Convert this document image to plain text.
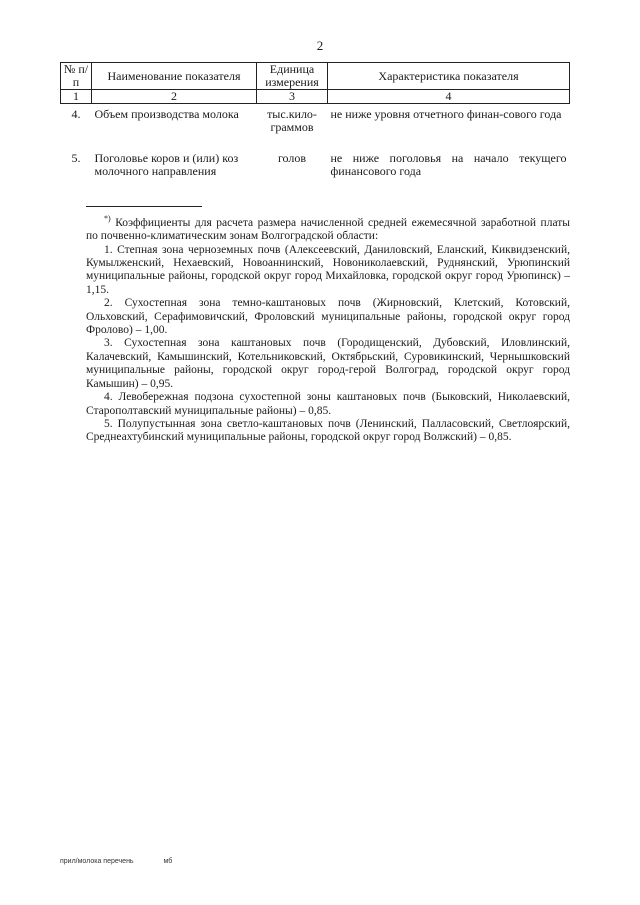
2
№ п/п	Наименование показателя	Единица измерения	Характеристика показателя
1	2	3	4
4.	Объем производства молока	тыс.кило-граммов	не ниже уровня отчетного финан-сового года
5.	Поголовье коров и (или) коз молочного направления	голов	не ниже поголовья на начало текущего финансового года

*) Коэффициенты для расчета размера начисленной средней ежемесячной заработной платы по почвенно-климатическим зонам Волгоградской области:

1. Степная зона черноземных почв (Алексеевский, Даниловский, Еланский, Киквидзенский, Кумылженский, Нехаевский, Новоаннинский, Новониколаевский, Руднянский, Урюпинский муниципальные районы, городской округ город Михайловка, городской округ город Урюпинск) – 1,15.

2. Сухостепная зона темно-каштановых почв (Жирновский, Клетский, Котовский, Ольховский, Серафимовичский, Фроловский муниципальные районы, городской округ город Фролово) – 1,00.

3. Сухостепная зона каштановых почв (Городищенский, Дубовский, Иловлинский, Калачевский, Камышинский, Котельниковский, Октябрьский, Суровикинский, Чернышковский муниципальные районы, городской округ город-герой Волгоград, городской округ город Камышин) – 0,95.

4. Левобережная подзона сухостепной зоны каштановых почв (Быковский, Николаевский, Старополтавский муниципальные районы) – 0,85.

5. Полупустынная зона светло-каштановых почв (Ленинский, Палласовский, Светлоярский, Среднеахтубинский муниципальные районы, городской округ город Волжский) – 0,85.

прил/молока перечень	мб
